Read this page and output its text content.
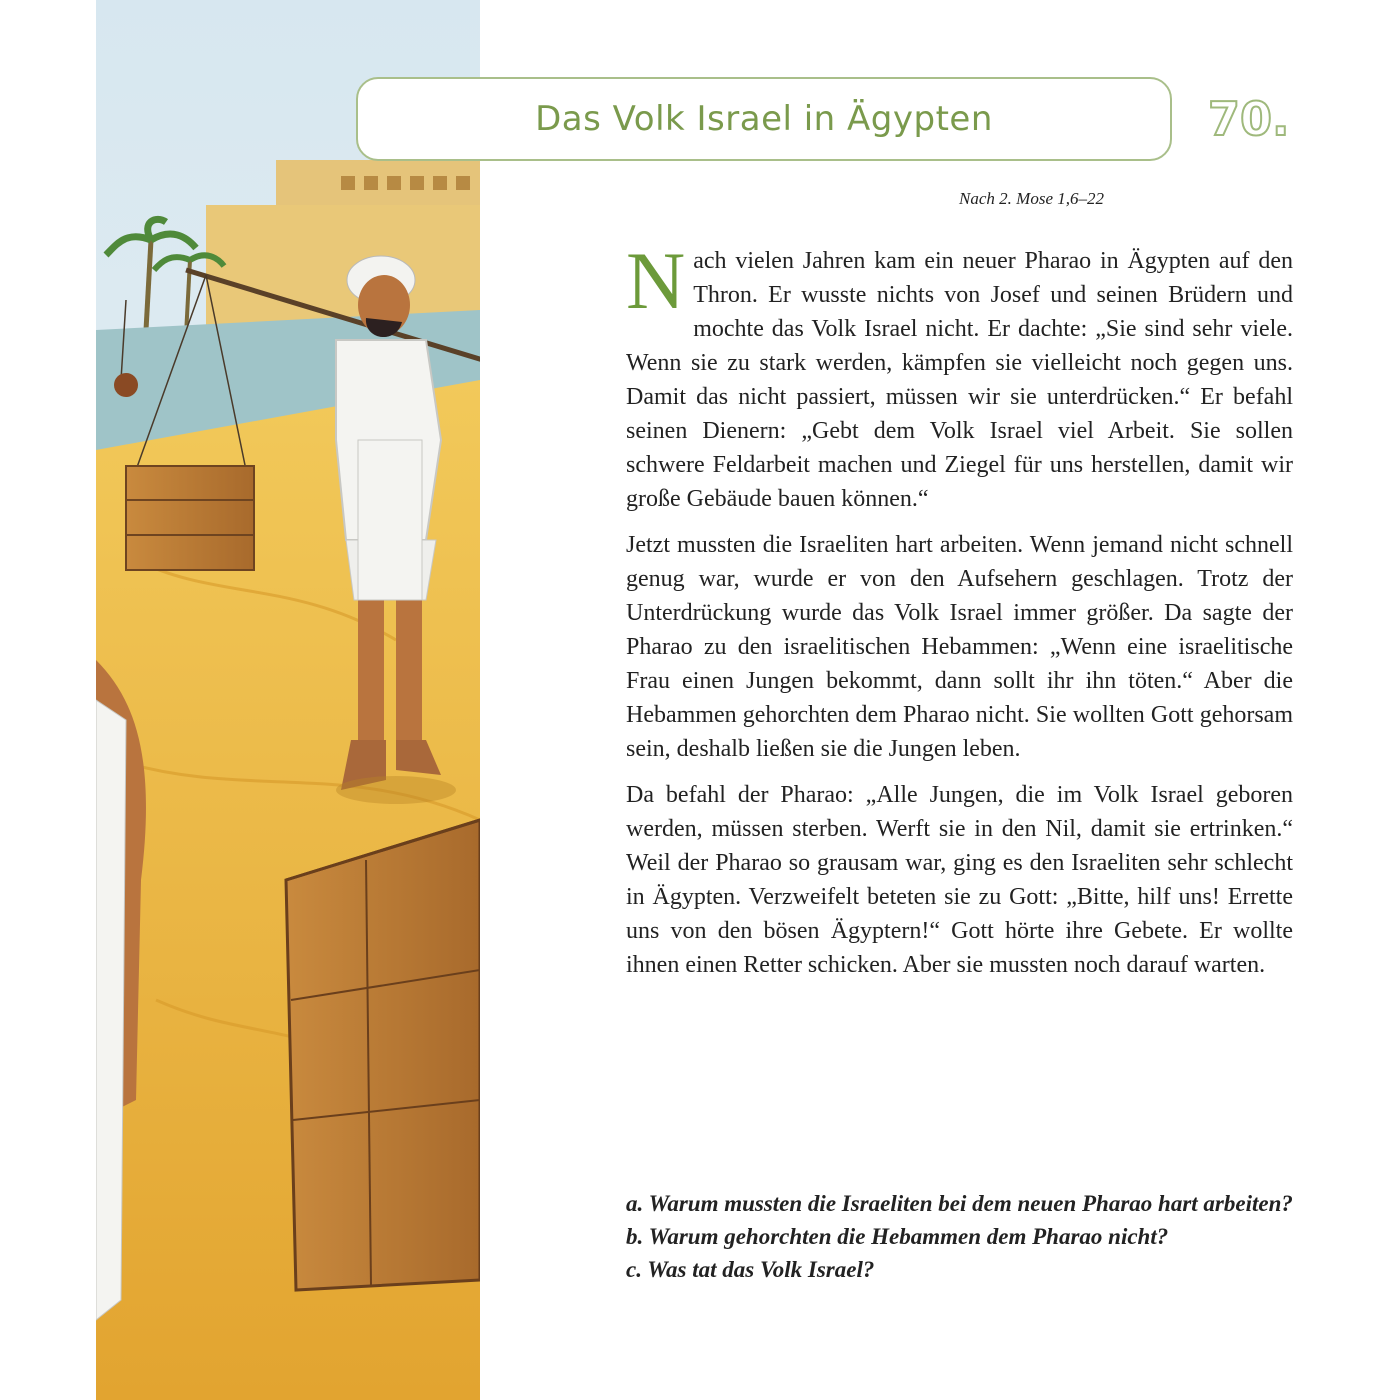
Das Volk Israel in Ägypten	70.
Nach 2. Mose 1,6–22

Nach vielen Jahren kam ein neuer Pharao in Ägypten auf den Thron. Er wusste nichts von Josef und seinen Brüdern und mochte das Volk Israel nicht. Er dachte: „Sie sind sehr viele. Wenn sie zu stark werden, kämpfen sie vielleicht noch gegen uns. Damit das nicht passiert, müssen wir sie unterdrücken.“ Er befahl seinen Dienern: „Gebt dem Volk Israel viel Arbeit. Sie sollen schwere Feldarbeit machen und Ziegel für uns herstellen, damit wir große Gebäude bauen können.“

Jetzt mussten die Israeliten hart arbeiten. Wenn jemand nicht schnell genug war, wurde er von den Aufsehern geschlagen. Trotz der Unterdrückung wurde das Volk Israel immer größer. Da sagte der Pharao zu den israelitischen Hebammen: „Wenn eine israelitische Frau einen Jungen bekommt, dann sollt ihr ihn töten.“ Aber die Hebammen gehorchten dem Pharao nicht. Sie wollten Gott gehorsam sein, deshalb ließen sie die Jungen leben.

Da befahl der Pharao: „Alle Jungen, die im Volk Israel geboren werden, müssen sterben. Werft sie in den Nil, damit sie ertrinken.“ Weil der Pharao so grausam war, ging es den Israeliten sehr schlecht in Ägypten. Verzweifelt beteten sie zu Gott: „Bitte, hilf uns! Errette uns von den bösen Ägyptern!“ Gott hörte ihre Gebete. Er wollte ihnen einen Retter schicken. Aber sie mussten noch darauf warten.

a. Warum mussten die Israeliten bei dem neuen Pharao hart arbeiten?

b. Warum gehorchten die Hebammen dem Pharao nicht?

c. Was tat das Volk Israel?
